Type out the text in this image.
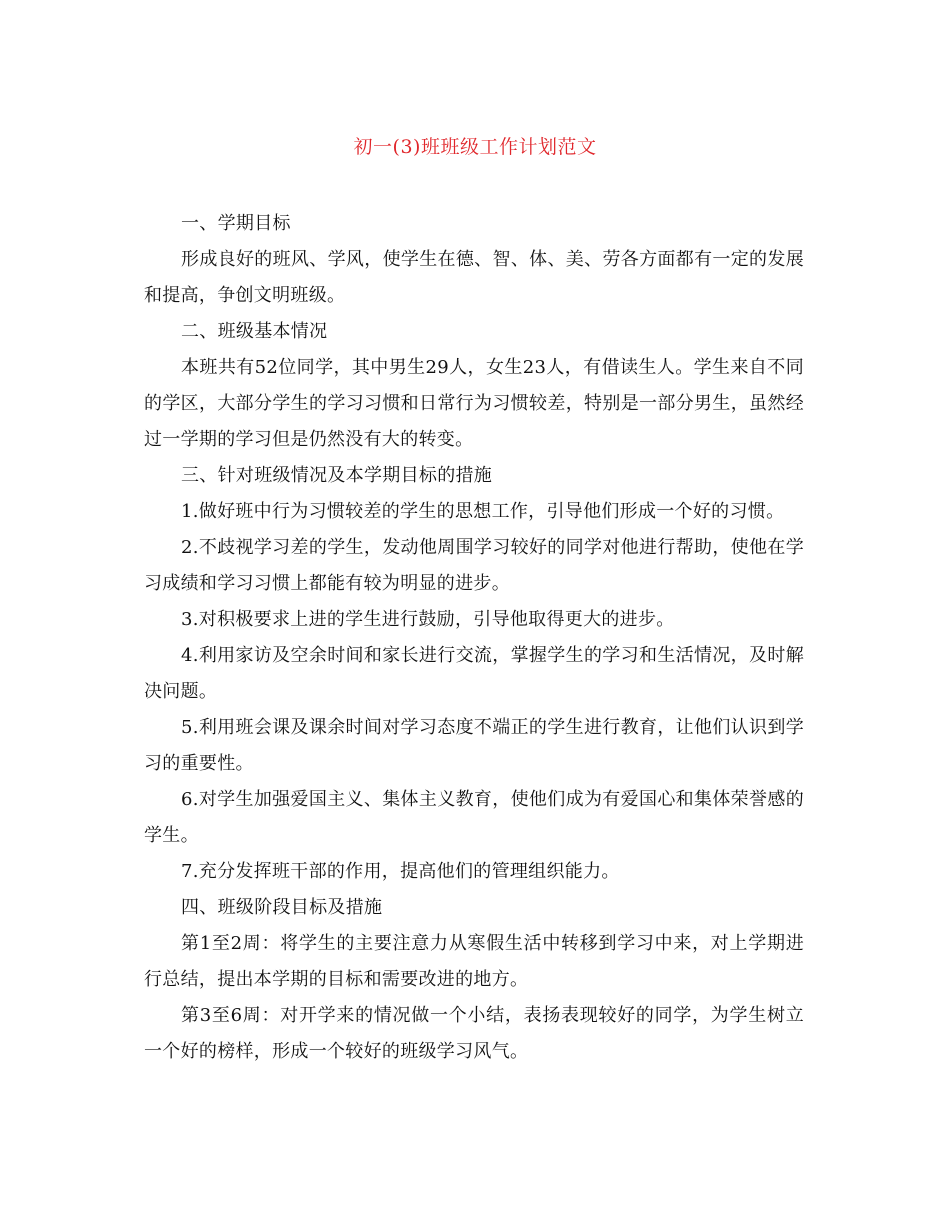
初一(3)班班级工作计划范文

一、学期目标

形成良好的班风、学风，使学生在德、智、体、美、劳各方面都有一定的发展和提高，争创文明班级。

二、班级基本情况

本班共有52位同学，其中男生29人，女生23人，有借读生人。学生来自不同的学区，大部分学生的学习习惯和日常行为习惯较差，特别是一部分男生，虽然经过一学期的学习但是仍然没有大的转变。

三、针对班级情况及本学期目标的措施

1.做好班中行为习惯较差的学生的思想工作，引导他们形成一个好的习惯。

2.不歧视学习差的学生，发动他周围学习较好的同学对他进行帮助，使他在学习成绩和学习习惯上都能有较为明显的进步。

3.对积极要求上进的学生进行鼓励，引导他取得更大的进步。

4.利用家访及空余时间和家长进行交流，掌握学生的学习和生活情况，及时解决问题。

5.利用班会课及课余时间对学习态度不端正的学生进行教育，让他们认识到学习的重要性。

6.对学生加强爱国主义、集体主义教育，使他们成为有爱国心和集体荣誉感的学生。

7.充分发挥班干部的作用，提高他们的管理组织能力。

四、班级阶段目标及措施

第1至2周：将学生的主要注意力从寒假生活中转移到学习中来，对上学期进行总结，提出本学期的目标和需要改进的地方。

第3至6周：对开学来的情况做一个小结，表扬表现较好的同学，为学生树立一个好的榜样，形成一个较好的班级学习风气。
